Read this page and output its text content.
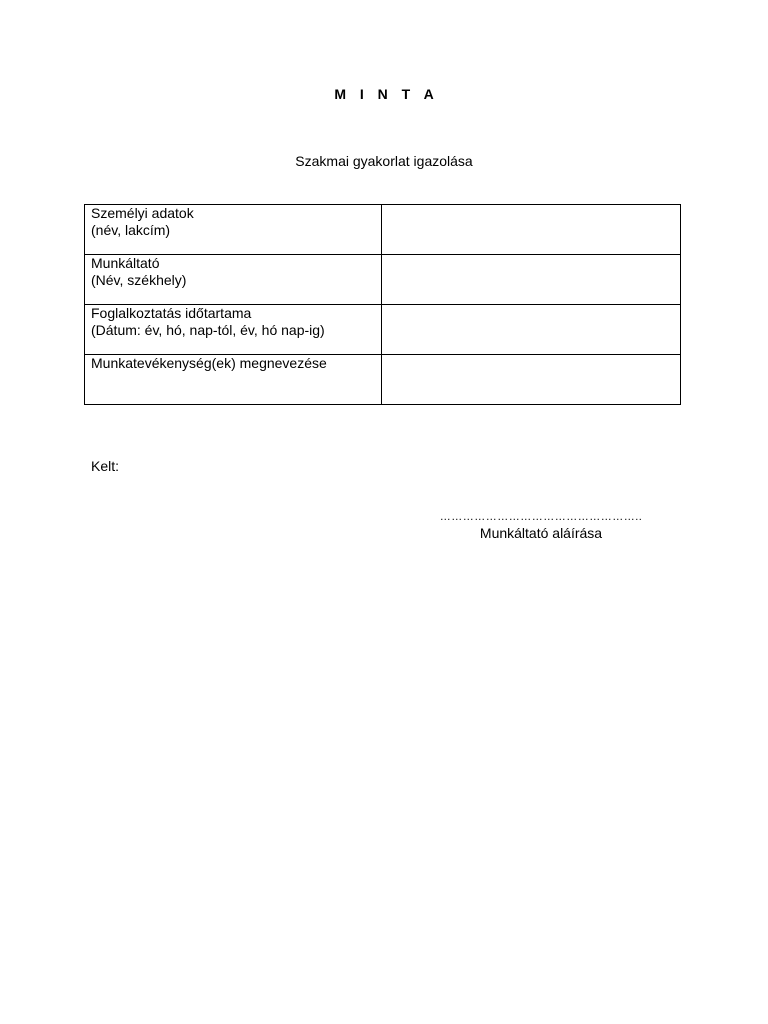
M I N T A
Szakmai gyakorlat igazolása
Személyi adatok
(név, lakcím)	

Munkáltató
(Név, székhely)	

Foglalkoztatás időtartama
(Dátum: év, hó, nap-tól, év, hó nap-ig)	

Munkatevékenység(ek) megnevezése	

Kelt:
……………………………………………..
Munkáltató aláírása
